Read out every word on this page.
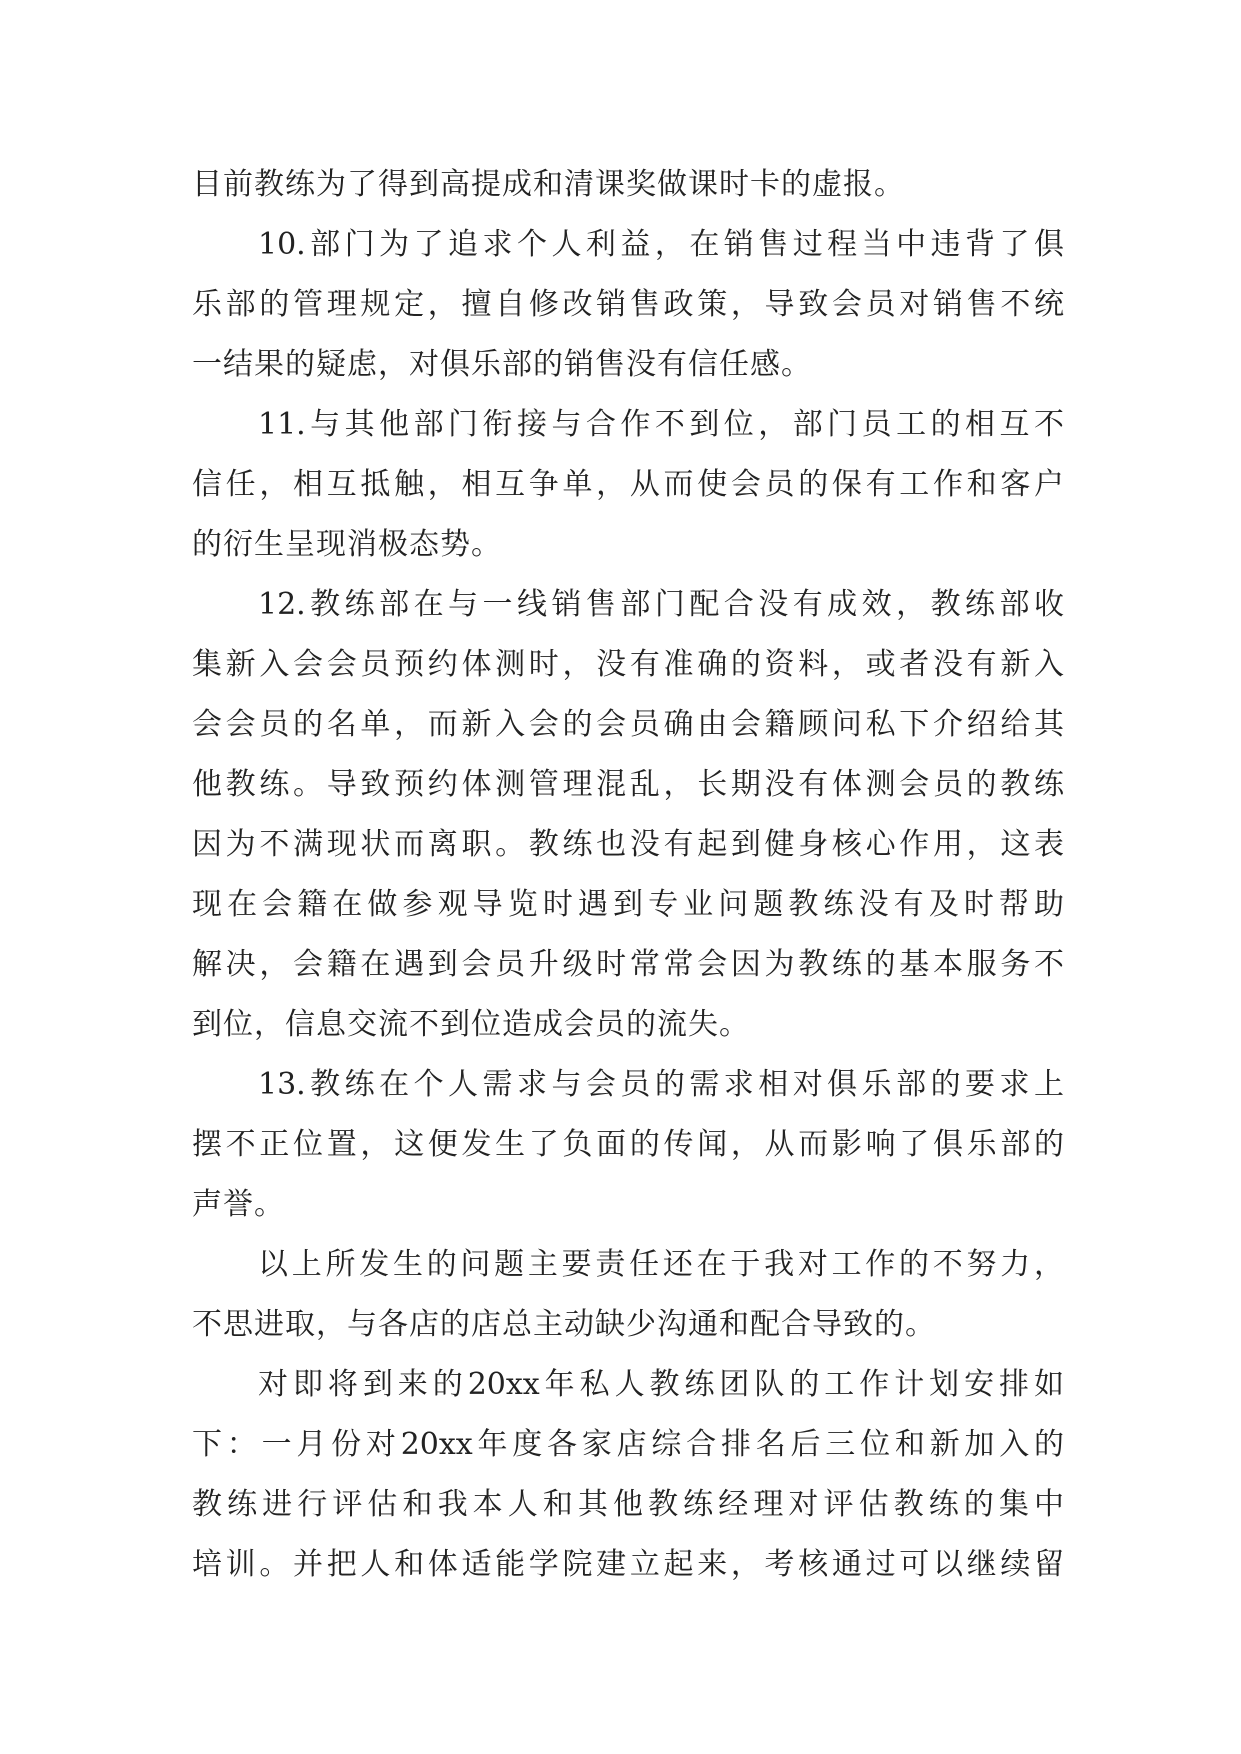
目前教练为了得到高提成和清课奖做课时卡的虚报。
10.部门为了追求个人利益，在销售过程当中违背了俱
乐部的管理规定，擅自修改销售政策，导致会员对销售不统
一结果的疑虑，对俱乐部的销售没有信任感。
11.与其他部门衔接与合作不到位，部门员工的相互不
信任，相互抵触，相互争单，从而使会员的保有工作和客户
的衍生呈现消极态势。
12.教练部在与一线销售部门配合没有成效，教练部收
集新入会会员预约体测时，没有准确的资料，或者没有新入
会会员的名单，而新入会的会员确由会籍顾问私下介绍给其
他教练。导致预约体测管理混乱，长期没有体测会员的教练
因为不满现状而离职。教练也没有起到健身核心作用，这表
现在会籍在做参观导览时遇到专业问题教练没有及时帮助
解决，会籍在遇到会员升级时常常会因为教练的基本服务不
到位，信息交流不到位造成会员的流失。
13.教练在个人需求与会员的需求相对俱乐部的要求上
摆不正位置，这便发生了负面的传闻，从而影响了俱乐部的
声誉。
以上所发生的问题主要责任还在于我对工作的不努力，
不思进取，与各店的店总主动缺少沟通和配合导致的。
对即将到来的20xx年私人教练团队的工作计划安排如
下：一月份对20xx年度各家店综合排名后三位和新加入的
教练进行评估和我本人和其他教练经理对评估教练的集中
培训。并把人和体适能学院建立起来，考核通过可以继续留
